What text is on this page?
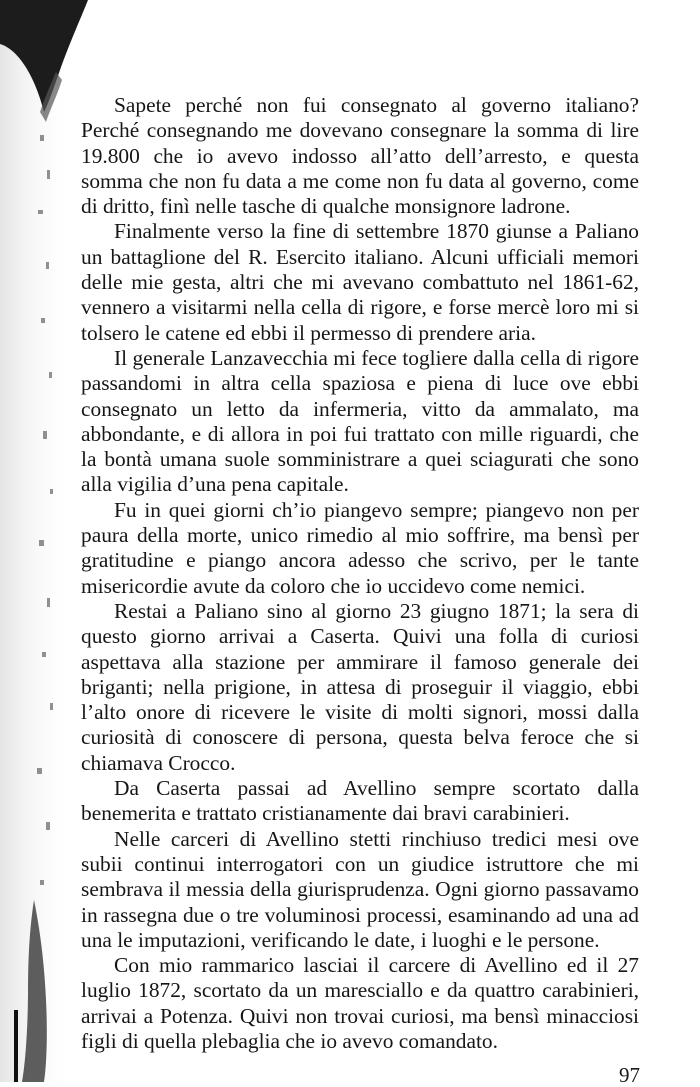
Sapete perché non fui consegnato al governo italiano? Perché consegnando me dovevano consegnare la somma di lire 19.800 che io avevo indosso all’atto dell’arresto, e questa somma che non fu data a me come non fu data al governo, come di dritto, finì nelle tasche di qualche monsignore ladrone.

Finalmente verso la fine di settembre 1870 giunse a Paliano un battaglione del R. Esercito italiano. Alcuni ufficiali memori delle mie gesta, altri che mi avevano combattuto nel 1861-62, vennero a visitarmi nella cella di rigore, e forse mercè loro mi si tolsero le catene ed ebbi il permesso di prendere aria.

Il generale Lanzavecchia mi fece togliere dalla cella di rigore passandomi in altra cella spaziosa e piena di luce ove ebbi consegnato un letto da infermeria, vitto da ammalato, ma abbondante, e di allora in poi fui trattato con mille riguardi, che la bontà umana suole somministrare a quei sciagurati che sono alla vigilia d’una pena capitale.

Fu in quei giorni ch’io piangevo sempre; piangevo non per paura della morte, unico rimedio al mio soffrire, ma bensì per gratitudine e piango ancora adesso che scrivo, per le tante misericordie avute da coloro che io uccidevo come nemici.

Restai a Paliano sino al giorno 23 giugno 1871; la sera di questo giorno arrivai a Caserta. Quivi una folla di curiosi aspettava alla stazione per ammirare il famoso generale dei briganti; nella prigione, in attesa di proseguir il viaggio, ebbi l’alto onore di ricevere le visite di molti signori, mossi dalla curiosità di conoscere di persona, questa belva feroce che si chiamava Crocco.

Da Caserta passai ad Avellino sempre scortato dalla benemerita e trattato cristianamente dai bravi carabinieri.

Nelle carceri di Avellino stetti rinchiuso tredici mesi ove subii continui interrogatori con un giudice istruttore che mi sembrava il messia della giurisprudenza. Ogni giorno passavamo in rassegna due o tre voluminosi processi, esaminando ad una ad una le imputazioni, verificando le date, i luoghi e le persone.

Con mio rammarico lasciai il carcere di Avellino ed il 27 luglio 1872, scortato da un maresciallo e da quattro carabinieri, arrivai a Potenza. Quivi non trovai curiosi, ma bensì minacciosi figli di quella plebaglia che io avevo comandato.

97
